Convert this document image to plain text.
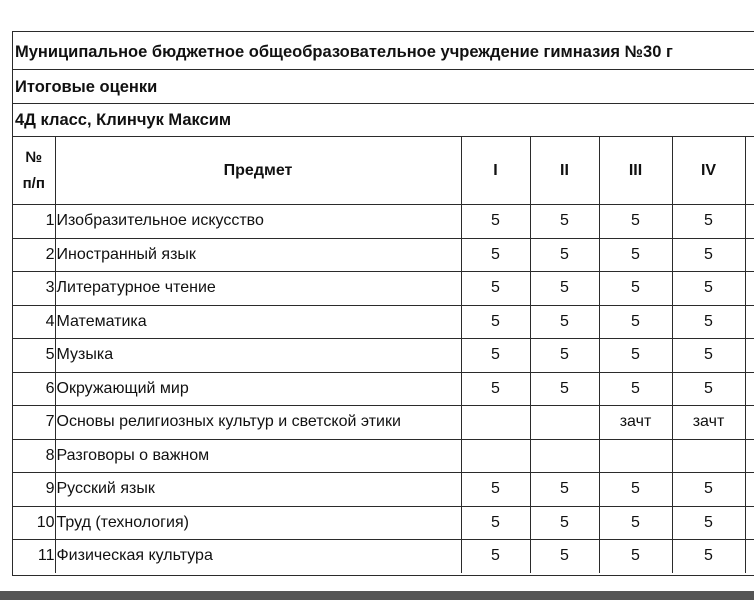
Муниципальное бюджетное общеобразовательное учреждение гимназия №30 г
Итоговые оценки
4Д класс, Клинчук Максим
№
п/п	Предмет	I	II	III	IV	
1	Изобразительное искусство	5	5	5	5	
2	Иностранный язык	5	5	5	5	
3	Литературное чтение	5	5	5	5	
4	Математика	5	5	5	5	
5	Музыка	5	5	5	5	
6	Окружающий мир	5	5	5	5	
7	Основы религиозных культур и светской этики			зачт	зачт	
8	Разговоры о важном					
9	Русский язык	5	5	5	5	
10	Труд (технология)	5	5	5	5	
11	Физическая культура	5	5	5	5	
